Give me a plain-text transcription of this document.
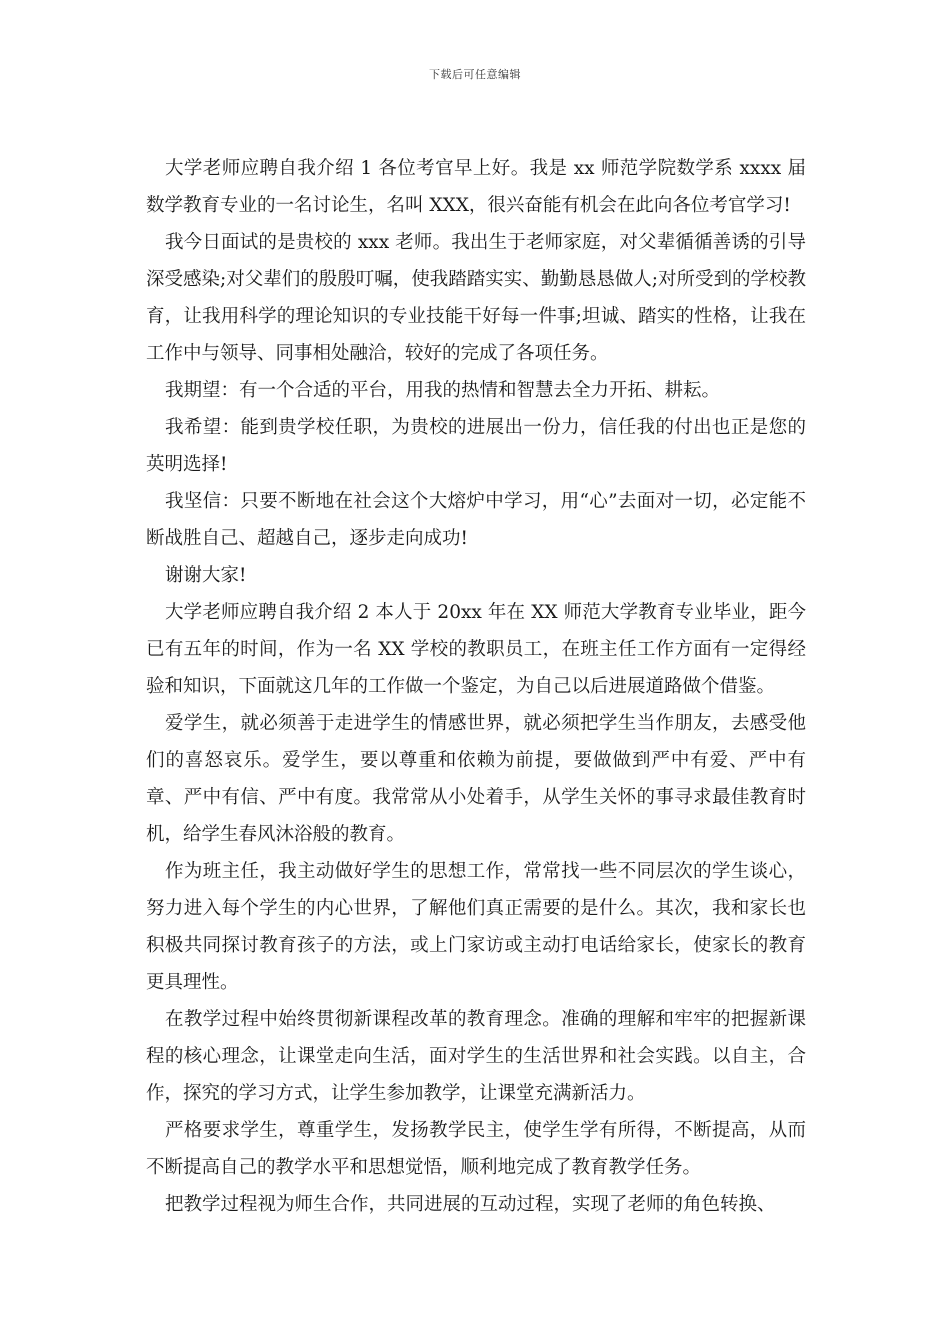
下载后可任意编辑

大学老师应聘自我介绍 1 各位考官早上好。我是 xx 师范学院数学系 xxxx 届数学教育专业的一名讨论生，名叫 XXX，很兴奋能有机会在此向各位考官学习!

我今日面试的是贵校的 xxx 老师。我出生于老师家庭，对父辈循循善诱的引导深受感染;对父辈们的殷殷叮嘱，使我踏踏实实、勤勤恳恳做人;对所受到的学校教育，让我用科学的理论知识的专业技能干好每一件事;坦诚、踏实的性格，让我在工作中与领导、同事相处融洽，较好的完成了各项任务。

我期望：有一个合适的平台，用我的热情和智慧去全力开拓、耕耘。

我希望：能到贵学校任职，为贵校的进展出一份力，信任我的付出也正是您的英明选择!

我坚信：只要不断地在社会这个大熔炉中学习，用“心”去面对一切，必定能不断战胜自己、超越自己，逐步走向成功!

谢谢大家!

大学老师应聘自我介绍 2 本人于 20xx 年在 XX 师范大学教育专业毕业，距今已有五年的时间，作为一名 XX 学校的教职员工，在班主任工作方面有一定得经验和知识，下面就这几年的工作做一个鉴定，为自己以后进展道路做个借鉴。

爱学生，就必须善于走进学生的情感世界，就必须把学生当作朋友，去感受他们的喜怒哀乐。爱学生，要以尊重和依赖为前提，要做做到严中有爱、严中有章、严中有信、严中有度。我常常从小处着手，从学生关怀的事寻求最佳教育时机，给学生春风沐浴般的教育。

作为班主任，我主动做好学生的思想工作，常常找一些不同层次的学生谈心，努力进入每个学生的内心世界，了解他们真正需要的是什么。其次，我和家长也积极共同探讨教育孩子的方法，或上门家访或主动打电话给家长，使家长的教育更具理性。

在教学过程中始终贯彻新课程改革的教育理念。准确的理解和牢牢的把握新课程的核心理念，让课堂走向生活，面对学生的生活世界和社会实践。以自主，合作，探究的学习方式，让学生参加教学，让课堂充满新活力。

严格要求学生，尊重学生，发扬教学民主，使学生学有所得，不断提高，从而不断提高自己的教学水平和思想觉悟，顺利地完成了教育教学任务。

把教学过程视为师生合作，共同进展的互动过程，实现了老师的角色转换、
